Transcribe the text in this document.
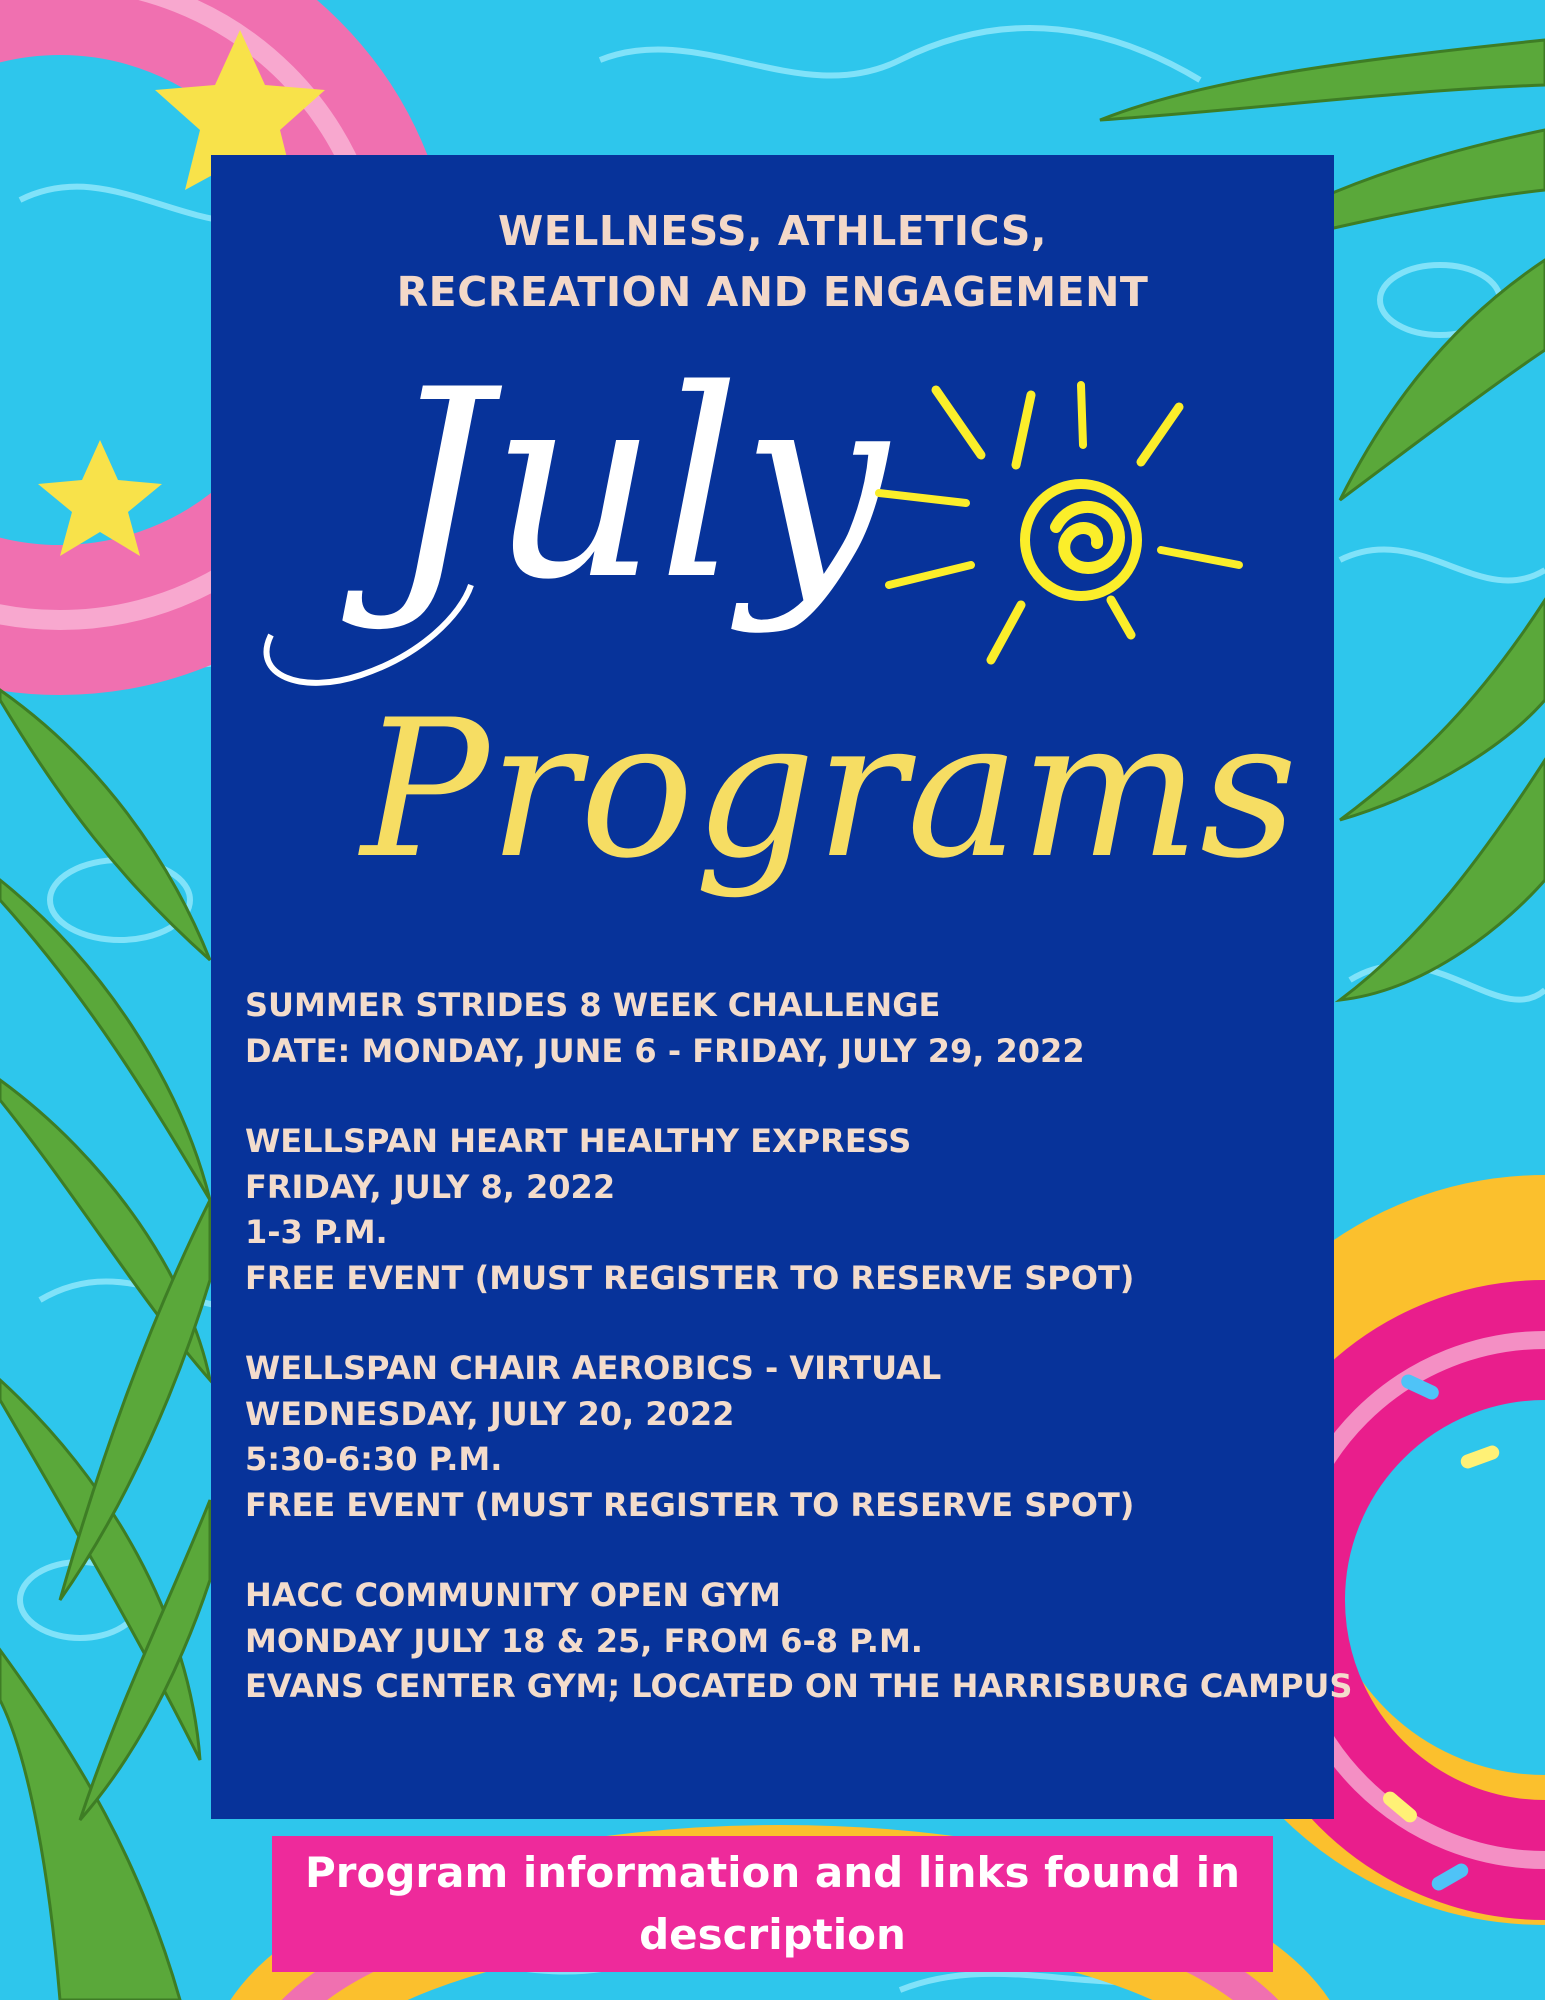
WELLNESS, ATHLETICS,
RECREATION AND ENGAGEMENT
July
Programs
SUMMER STRIDES 8 WEEK CHALLENGE
DATE: MONDAY, JUNE 6 - FRIDAY, JULY 29, 2022
WELLSPAN HEART HEALTHY EXPRESS
FRIDAY, JULY 8, 2022
1-3 P.M.
FREE EVENT (MUST REGISTER TO RESERVE SPOT)
WELLSPAN CHAIR AEROBICS - VIRTUAL
WEDNESDAY, JULY 20, 2022
5:30-6:30 P.M.
FREE EVENT (MUST REGISTER TO RESERVE SPOT)
HACC COMMUNITY OPEN GYM
MONDAY JULY 18 & 25, FROM 6-8 P.M.
EVANS CENTER GYM; LOCATED ON THE HARRISBURG CAMPUS
Program information and links found in description
